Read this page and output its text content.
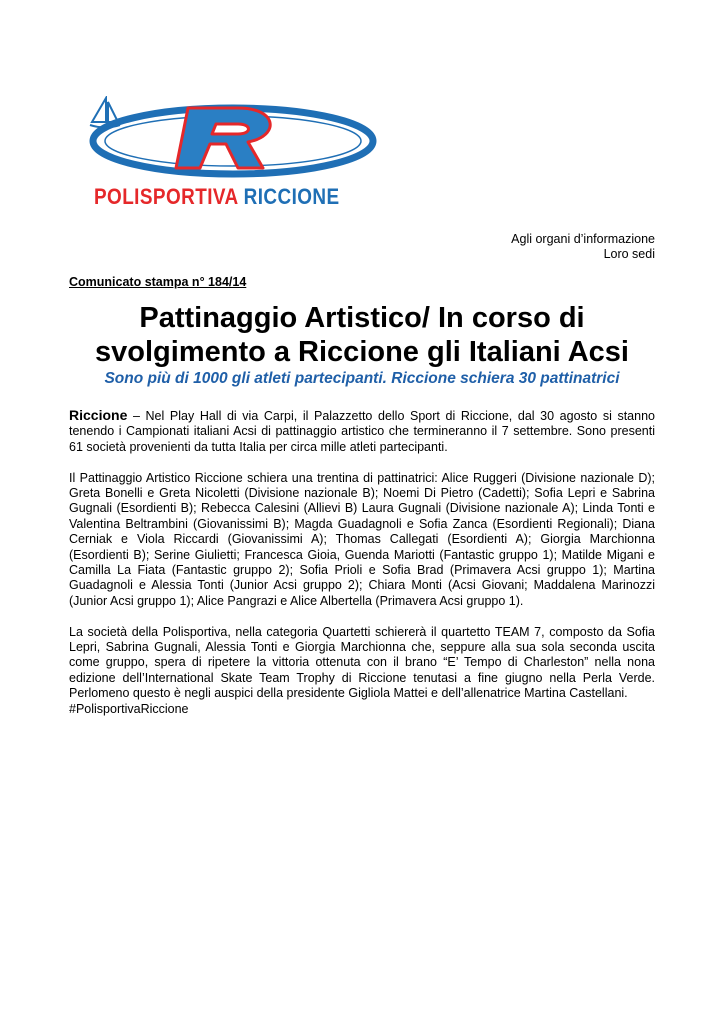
POLISPORTIVA RICCIONE
Agli organi d’informazione
Loro sedi
Comunicato stampa n° 184/14
Pattinaggio Artistico/ In corso di
svolgimento a Riccione gli Italiani Acsi
Sono più di 1000 gli atleti partecipanti. Riccione schiera 30 pattinatrici

Riccione – Nel Play Hall di via Carpi, il Palazzetto dello Sport di Riccione, dal 30 agosto si stanno tenendo i Campionati italiani Acsi di pattinaggio artistico che termineranno il 7 settembre. Sono presenti 61 società provenienti da tutta Italia per circa mille atleti partecipanti.

Il Pattinaggio Artistico Riccione schiera una trentina di pattinatrici: Alice Ruggeri (Divisione nazionale D); Greta Bonelli e Greta Nicoletti (Divisione nazionale B); Noemi Di Pietro (Cadetti); Sofia Lepri e Sabrina Gugnali (Esordienti B); Rebecca Calesini (Allievi B) Laura Gugnali (Divisione nazionale A); Linda Tonti e Valentina Beltrambini (Giovanissimi B); Magda Guadagnoli e Sofia Zanca (Esordienti Regionali); Diana Cerniak e Viola Riccardi (Giovanissimi A); Thomas Callegati (Esordienti A); Giorgia Marchionna (Esordienti B); Serine Giulietti; Francesca Gioia, Guenda Mariotti (Fantastic gruppo 1); Matilde Migani e Camilla La Fiata (Fantastic gruppo 2); Sofia Prioli e Sofia Brad (Primavera Acsi gruppo 1); Martina Guadagnoli e Alessia Tonti (Junior Acsi gruppo 2); Chiara Monti (Acsi Giovani; Maddalena Marinozzi (Junior Acsi gruppo 1); Alice Pangrazi e Alice Albertella (Primavera Acsi gruppo 1).

La società della Polisportiva, nella categoria Quartetti schiererà il quartetto TEAM 7, composto da Sofia Lepri, Sabrina Gugnali, Alessia Tonti e Giorgia Marchionna che, seppure alla sua sola seconda uscita come gruppo, spera di ripetere la vittoria ottenuta con il brano “E’ Tempo di Charleston” nella nona edizione dell’International Skate Team Trophy di Riccione tenutasi a fine giugno nella Perla Verde. Perlomeno questo è negli auspici della presidente Gigliola Mattei e dell’allenatrice Martina Castellani.

#PolisportivaRiccione
